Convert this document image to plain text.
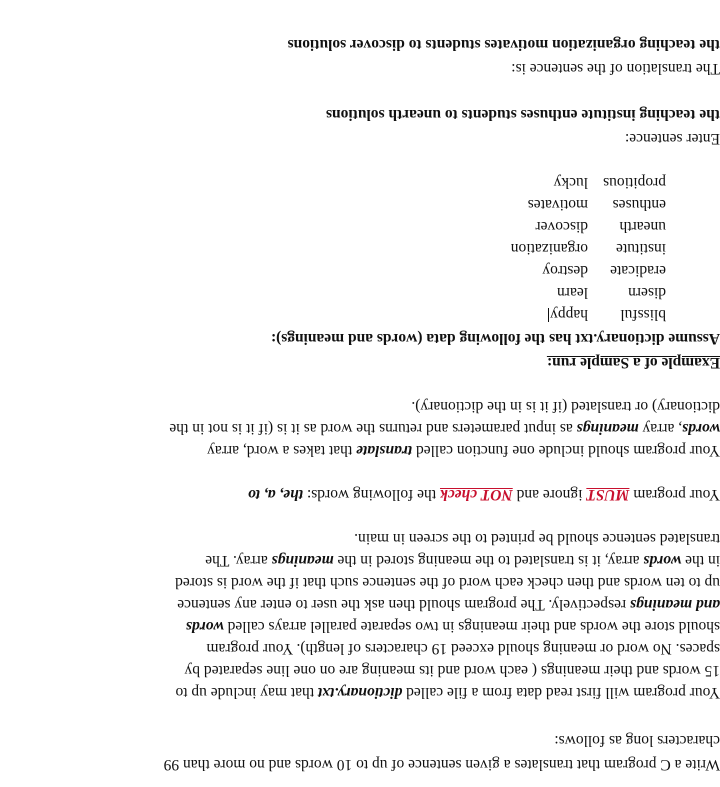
Write a C program that translates a given sentence of up to 10 words and no more than 99
characters long as follows:
Your program will first read data from a file called dictionary.txt that may include up to
15 words and their meanings ( each word and its meaning are on one line separated by
spaces. No word or meaning should exceed 19 characters of length). Your program
should store the words and their meanings in two separate parallel arrays called words
and meanings respectively. The program should then ask the user to enter any sentence
up to ten words and then check each word of the sentence such that if the word is stored
in the words array, it is translated to the meaning stored in the meanings array. The
translated sentence should be printed to the screen in main.
Your program MUST ignore and NOT check the following words: the, a, to
Your program should include one function called translate that takes a word, array
words, array meanings as input parameters and returns the word as it is (if it is not in the
dictionary) or translated (if it is in the dictionary).
Example of a Sample run:
Assume dictionary.txt has the following data (words and meanings):
blissfulhappy
disernlearn
eradicatedestroy
instituteorganization
unearthdiscover
enthusesmotivates
propitiouslucky
Enter sentence:
the teaching institute enthuses students to unearth solutions
The translation of the sentence is:
the teaching organization motivates students to discover solutions
